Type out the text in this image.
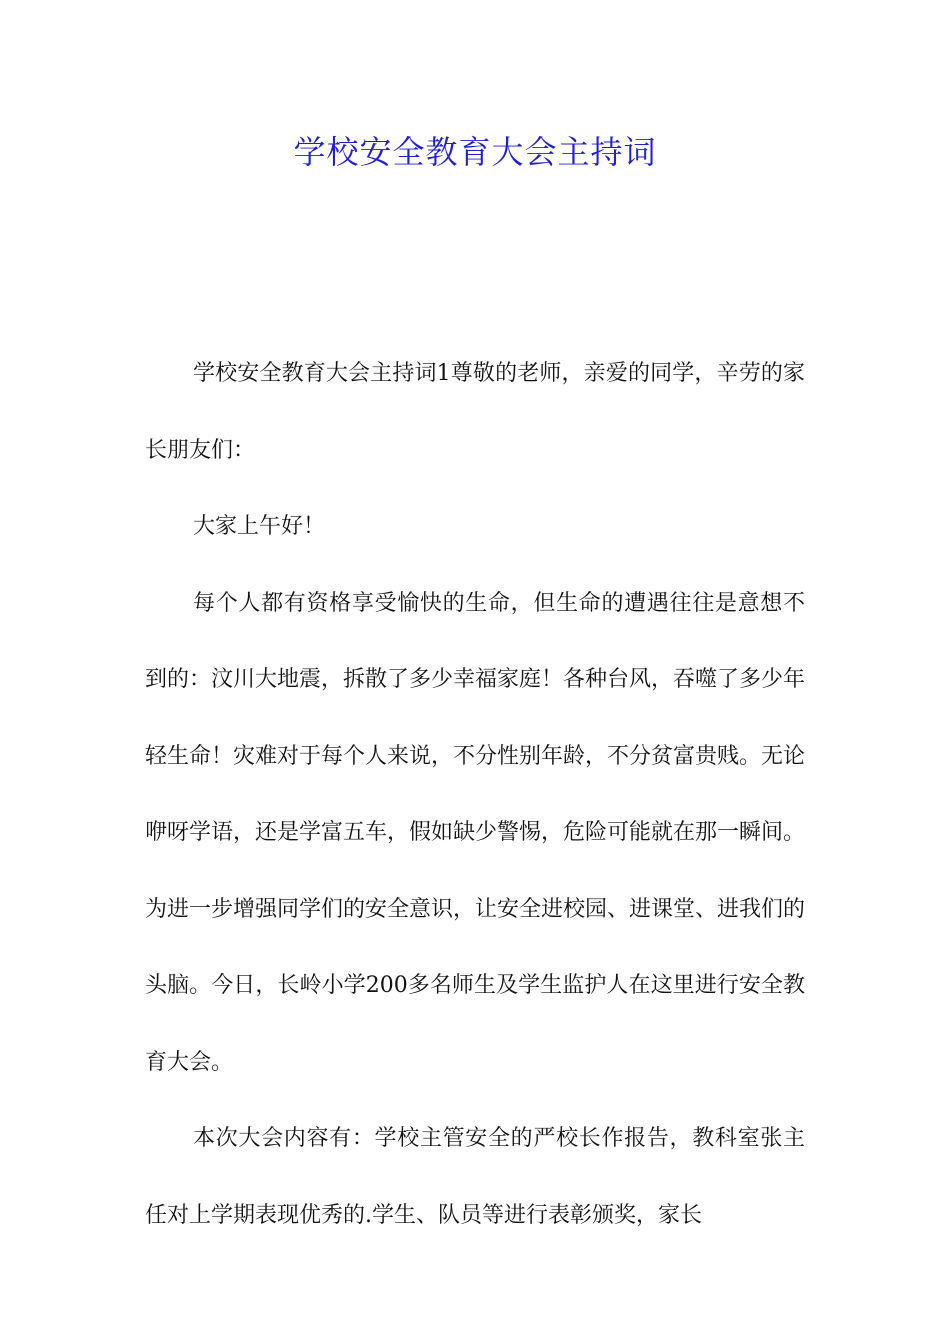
学校安全教育大会主持词

学校安全教育大会主持词1尊敬的老师，亲爱的同学，辛劳的家长朋友们：

大家上午好！

每个人都有资格享受愉快的生命，但生命的遭遇往往是意想不到的：汶川大地震，拆散了多少幸福家庭！各种台风，吞噬了多少年轻生命！灾难对于每个人来说，不分性别年龄，不分贫富贵贱。无论咿呀学语，还是学富五车，假如缺少警惕，危险可能就在那一瞬间。为进一步增强同学们的安全意识，让安全进校园、进课堂、进我们的头脑。今日，长岭小学200多名师生及学生监护人在这里进行安全教育大会。

本次大会内容有：学校主管安全的严校长作报告，教科室张主任对上学期表现优秀的.学生、队员等进行表彰颁奖，家长
